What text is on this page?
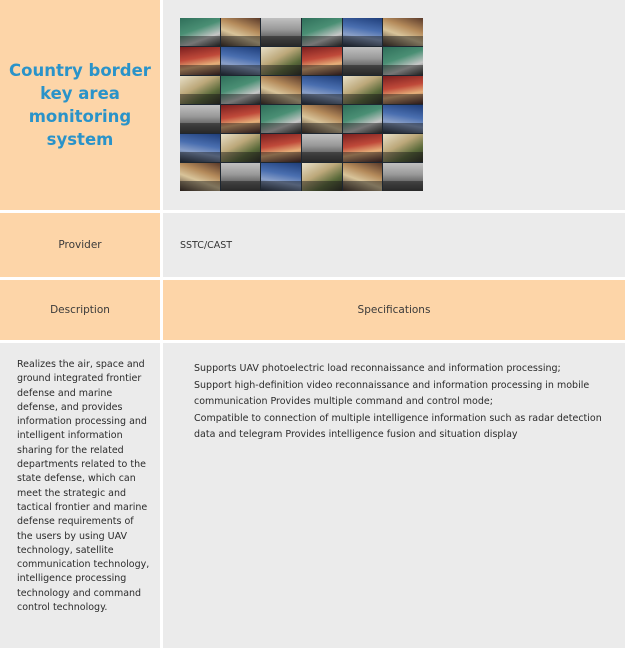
Country border key area monitoring system
Provider	SSTC/CAST
Description	Specifications

Realizes the air, space and ground integrated frontier defense and marine defense, and provides information processing and intelligent information sharing for the related departments related to the state defense, which can meet the strategic and tactical frontier and marine defense requirements of the users by using UAV technology, satellite communication technology, intelligence processing technology and command control technology.

Supports UAV photoelectric load reconnaissance and information processing;

Support high-definition video reconnaissance and information processing in mobile communication Provides multiple command and control mode;

Compatible to connection of multiple intelligence information such as radar detection data and telegram Provides intelligence fusion and situation display
